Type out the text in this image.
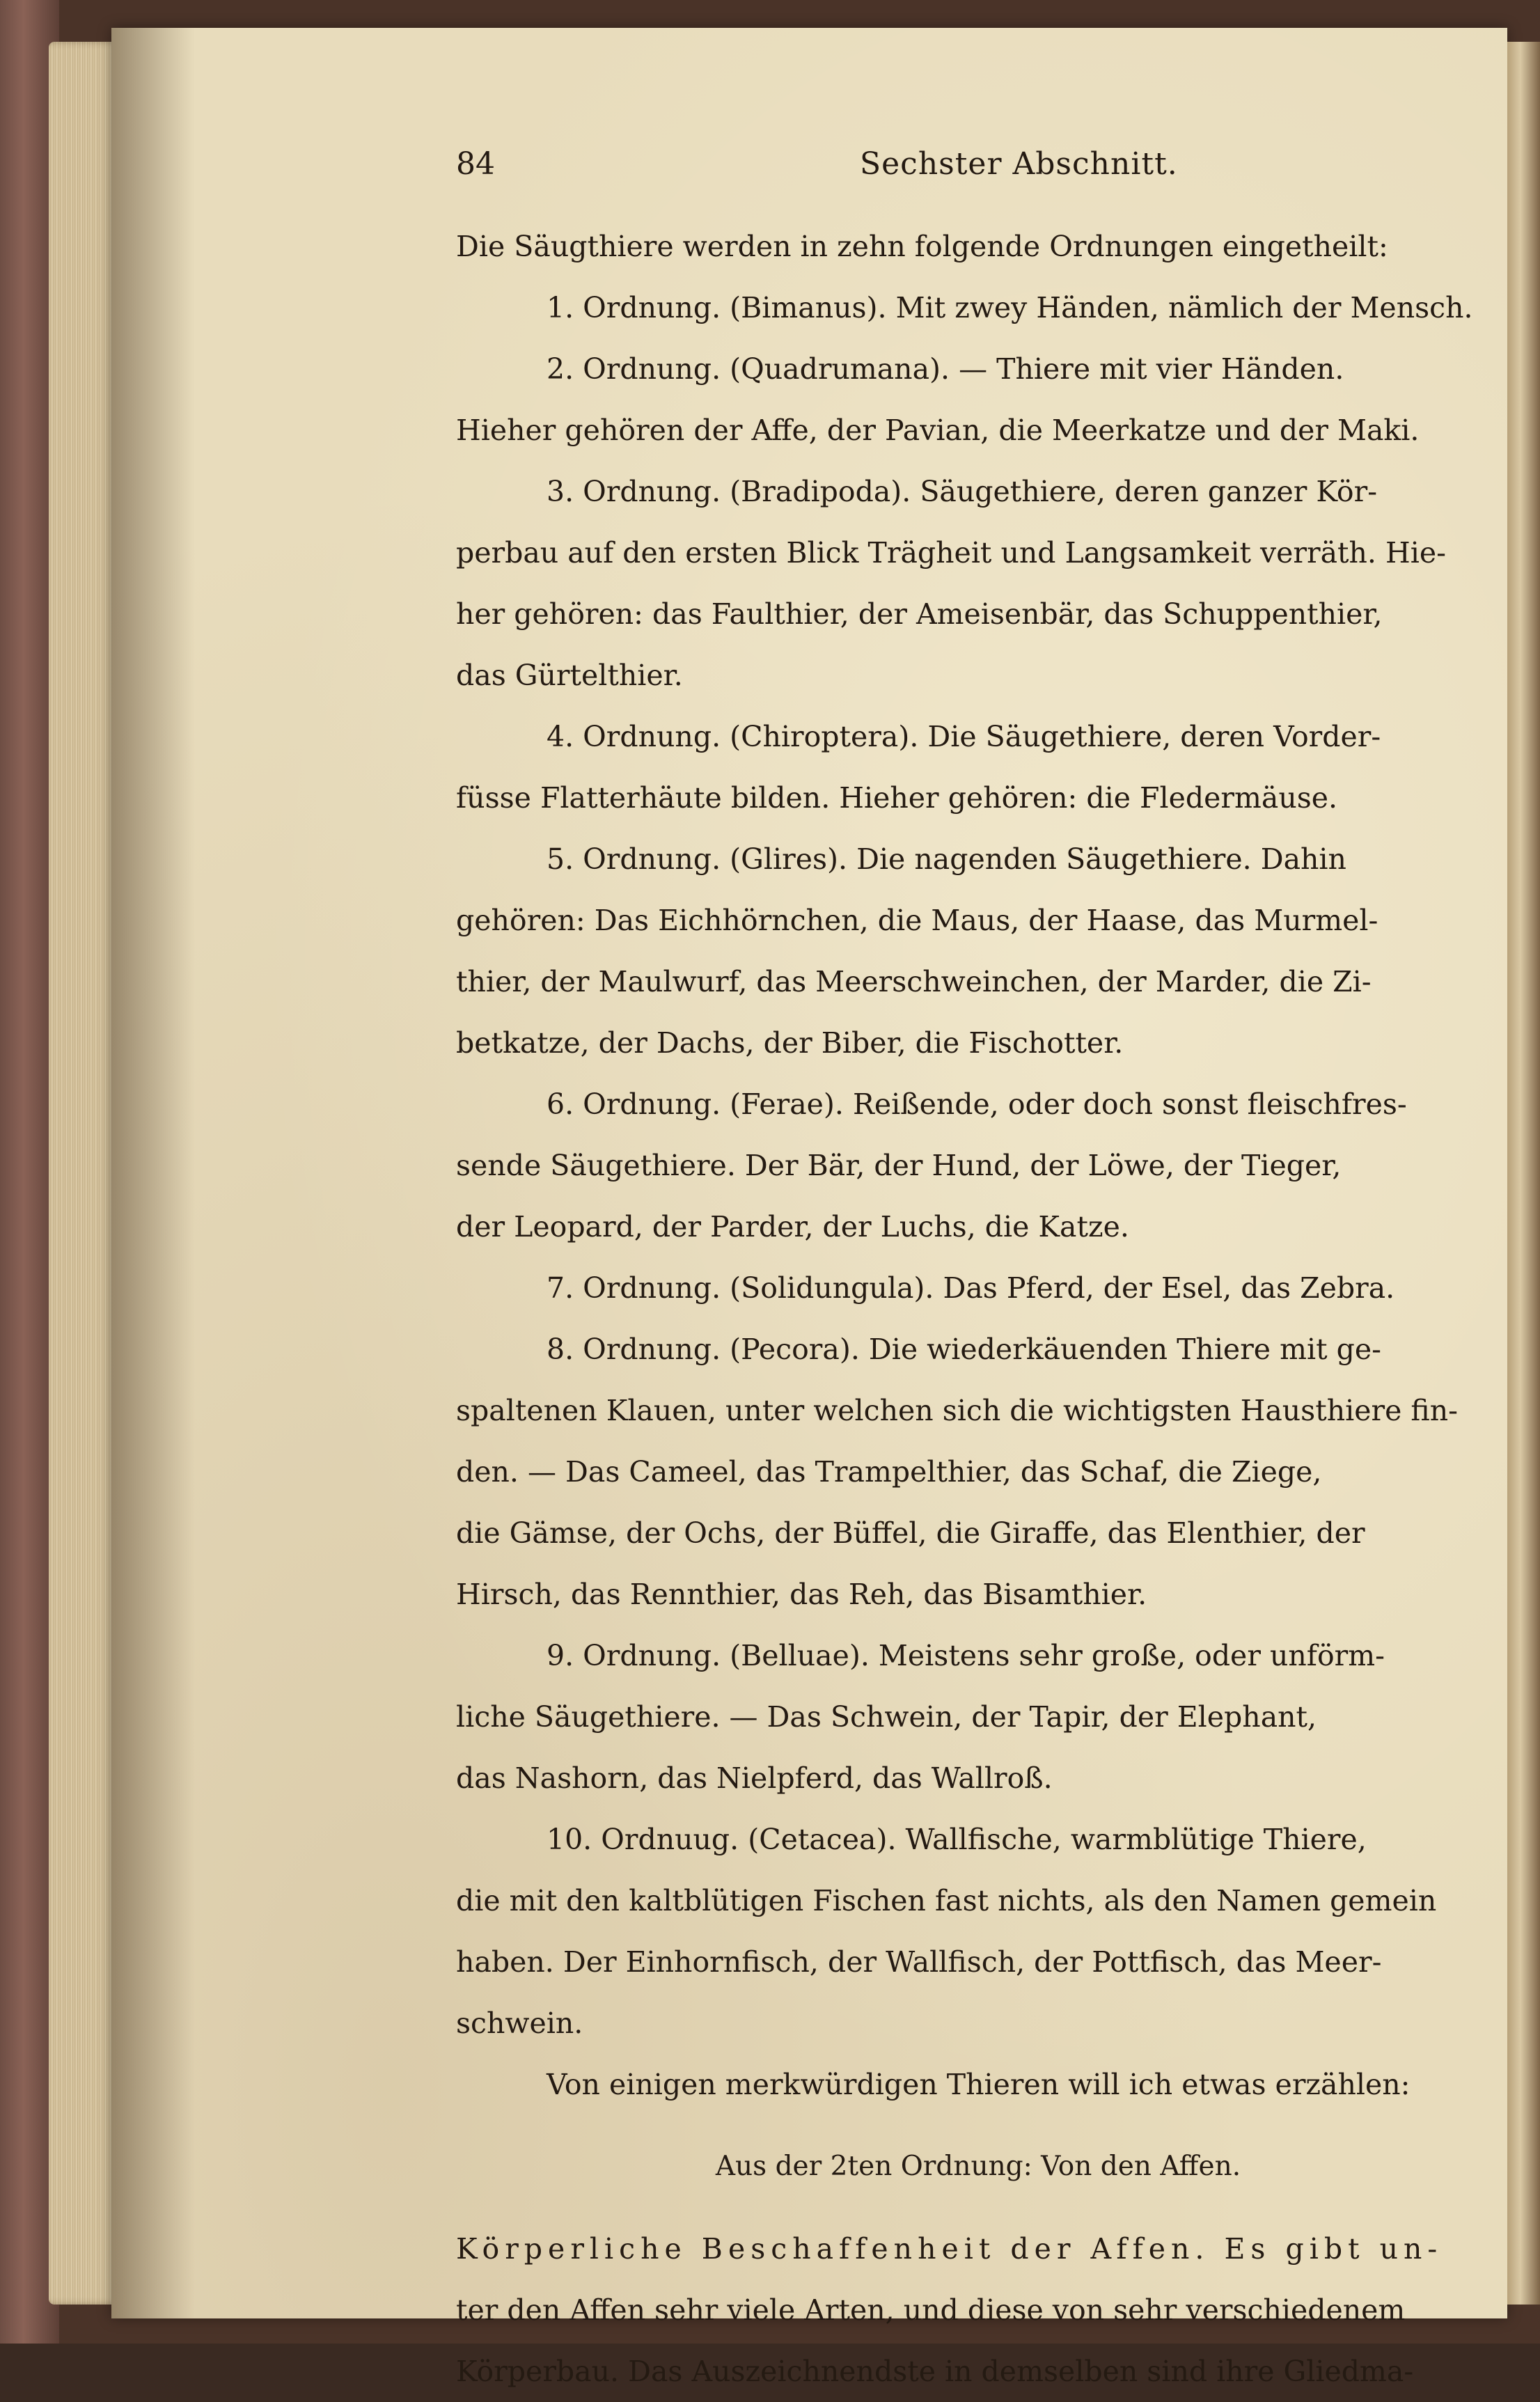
84	Sechster Abschnitt.

Die Säugthiere werden in zehn folgende Ordnungen eingetheilt:

1. Ordnung. (Bimanus). Mit zwey Händen, nämlich der Mensch.

2. Ordnung. (Quadrumana). — Thiere mit vier Händen.

Hieher gehören der Affe, der Pavian, die Meerkatze und der Maki.

3. Ordnung. (Bradipoda). Säugethiere, deren ganzer Kör-

perbau auf den ersten Blick Trägheit und Langsamkeit verräth. Hie-

her gehören: das Faulthier, der Ameisenbär, das Schuppenthier,

das Gürtelthier.

4. Ordnung. (Chiroptera). Die Säugethiere, deren Vorder-

füsse Flatterhäute bilden. Hieher gehören: die Fledermäuse.

5. Ordnung. (Glires). Die nagenden Säugethiere. Dahin

gehören: Das Eichhörnchen, die Maus, der Haase, das Murmel-

thier, der Maulwurf, das Meerschweinchen, der Marder, die Zi-

betkatze, der Dachs, der Biber, die Fischotter.

6. Ordnung. (Ferae). Reißende, oder doch sonst fleischfres-

sende Säugethiere. Der Bär, der Hund, der Löwe, der Tieger,

der Leopard, der Parder, der Luchs, die Katze.

7. Ordnung. (Solidungula). Das Pferd, der Esel, das Zebra.

8. Ordnung. (Pecora). Die wiederkäuenden Thiere mit ge-

spaltenen Klauen, unter welchen sich die wichtigsten Hausthiere fin-

den. — Das Cameel, das Trampelthier, das Schaf, die Ziege,

die Gämse, der Ochs, der Büffel, die Giraffe, das Elenthier, der

Hirsch, das Rennthier, das Reh, das Bisamthier.

9. Ordnung. (Belluae). Meistens sehr große, oder unförm-

liche Säugethiere. — Das Schwein, der Tapir, der Elephant,

das Nashorn, das Nielpferd, das Wallroß.

10. Ordnuug. (Cetacea). Wallfische, warmblütige Thiere,

die mit den kaltblütigen Fischen fast nichts, als den Namen gemein

haben. Der Einhornfisch, der Wallfisch, der Pottfisch, das Meer-

schwein.

Von einigen merkwürdigen Thieren will ich etwas erzählen:

Aus der 2ten Ordnung: Von den Affen.

Körperliche Beschaffenheit der Affen. Es gibt un-

ter den Affen sehr viele Arten, und diese von sehr verschiedenem

Körperbau. Das Auszeichnendste in demselben sind ihre Gliedma-
